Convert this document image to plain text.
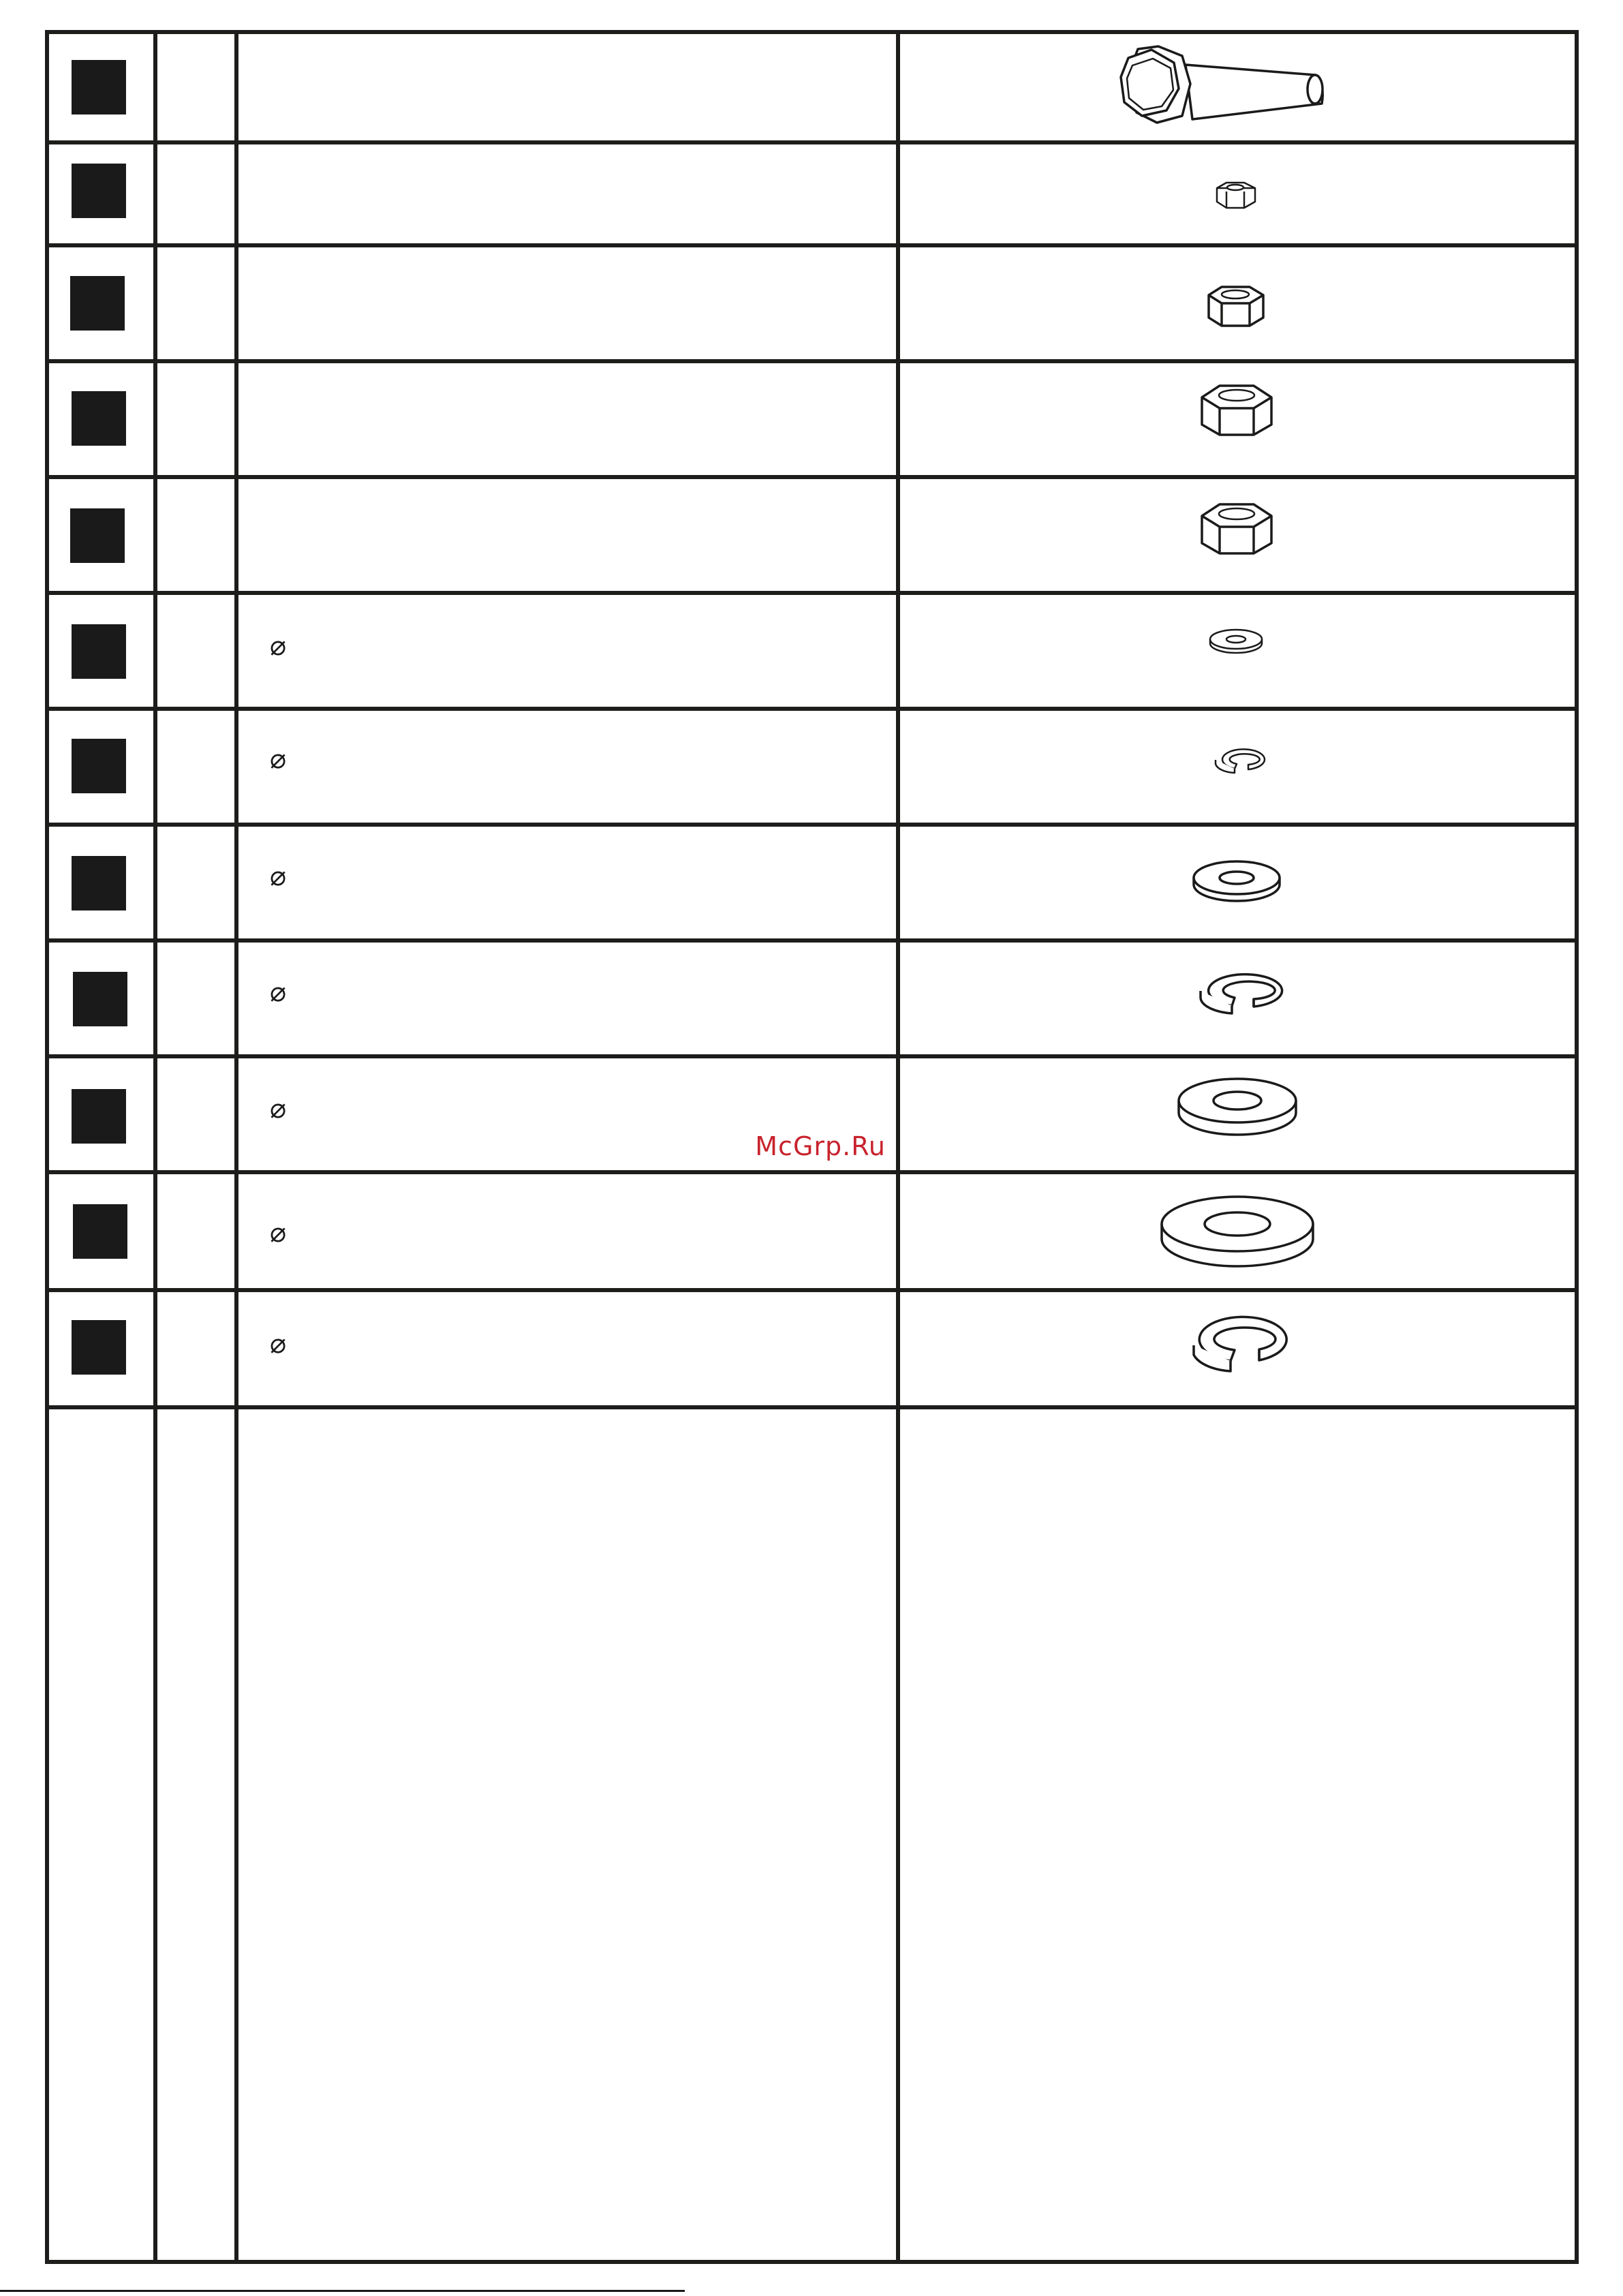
⌀
⌀
⌀
⌀
⌀
⌀
⌀
McGrp.Ru
